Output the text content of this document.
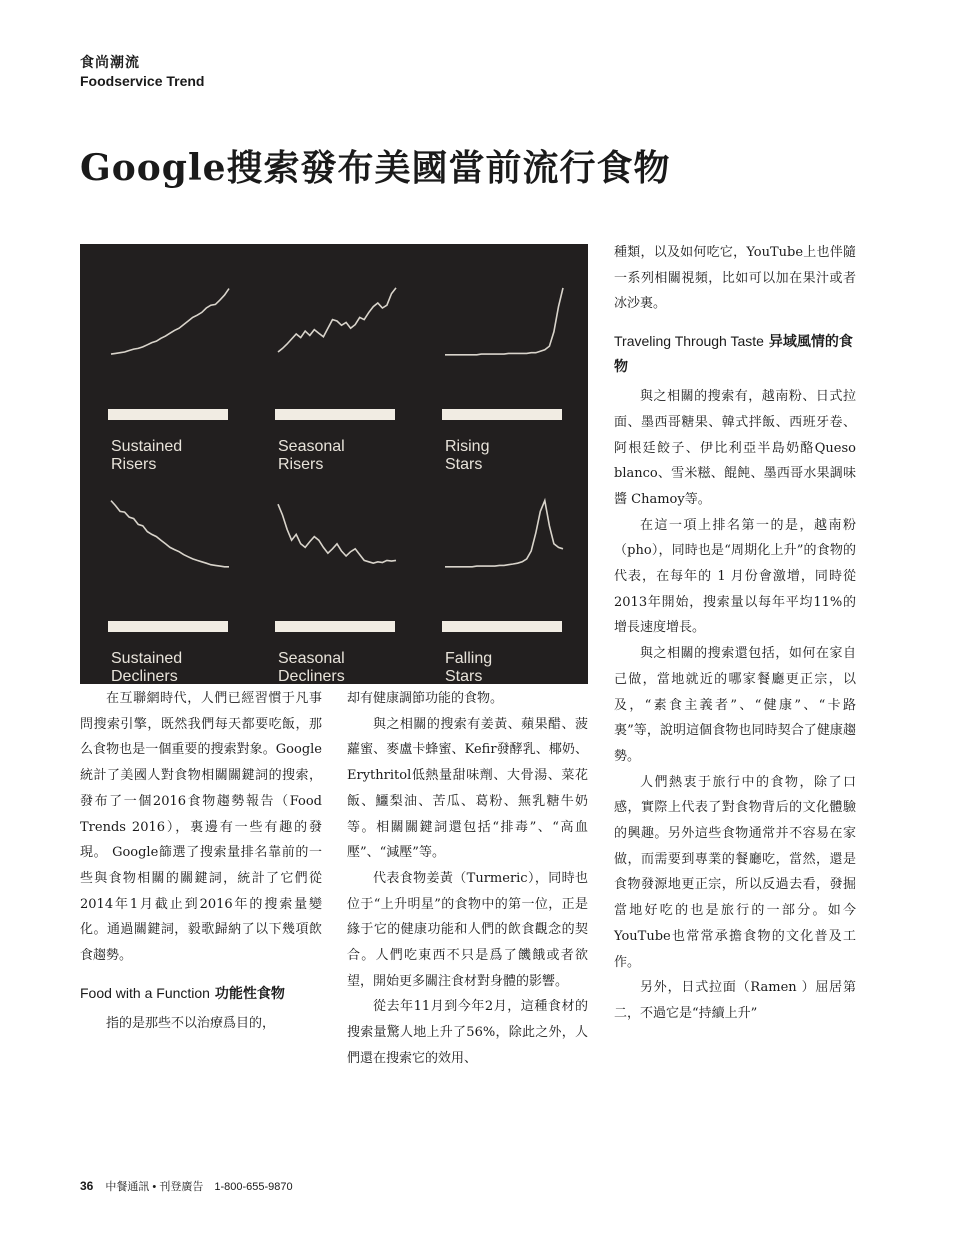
食尚潮流
Foodservice Trend
Google搜索發布美國當前流行食物
Sustained
Risers
Seasonal
Risers
Rising
Stars
Sustained
Decliners
Seasonal
Decliners
Falling
Stars

在互聯網時代，人們已經習慣于凡事問搜索引擎，既然我們每天都要吃飯，那么食物也是一個重要的搜索對象。Google統計了美國人對食物相關關鍵詞的搜索，發布了一個2016食物趨勢報告（Food Trends 2016），裏邊有一些有趣的發現。 Google篩選了搜索量排名靠前的一些與食物相關的關鍵詞，統計了它們從2014年1月截止到2016年的搜索量變化。通過關鍵詞，毅歌歸納了以下幾項飲食趨勢。

Food with a Function 功能性食物

指的是那些不以治療爲目的，

却有健康調節功能的食物。

與之相關的搜索有姜黃、蘋果醋、菠蘿蜜、麥盧卡蜂蜜、Kefir發酵乳、椰奶、Erythritol低熱量甜味劑、大骨湯、菜花飯、鱷梨油、苦瓜、葛粉、無乳糖牛奶等。相關關鍵詞還包括“排毒”、“高血壓”、“減壓”等。

代表食物姜黃（Turmeric），同時也位于“上升明星”的食物中的第一位，正是緣于它的健康功能和人們的飲食觀念的契合。人們吃東西不只是爲了饑餓或者欲望，開始更多關注食材對身體的影響。

從去年11月到今年2月，這種食材的搜索量驚人地上升了56%，除此之外，人們還在搜索它的效用、

種類，以及如何吃它，YouTube上也伴隨一系列相關視頻，比如可以加在果汁或者冰沙裏。

Traveling Through Taste 异域風情的食物

與之相關的搜索有，越南粉、日式拉面、墨西哥糖果、韓式拌飯、西班牙卷、阿根廷餃子、伊比利亞半島奶酪Queso blanco、雪米糍、餛飩、墨西哥水果調味醬 Chamoy等。

在這一項上排名第一的是，越南粉（pho），同時也是“周期化上升”的食物的代表，在每年的 1 月份會激增，同時從2013年開始，搜索量以每年平均11%的增長速度增長。

與之相關的搜索還包括，如何在家自己做，當地就近的哪家餐廳更正宗，以及，“素食主義者”、“健康”、“卡路裏”等，說明這個食物也同時契合了健康趨勢。

人們熱衷于旅行中的食物，除了口感，實際上代表了對食物背后的文化體驗的興趣。另外這些食物通常并不容易在家做，而需要到專業的餐廳吃，當然，還是食物發源地更正宗，所以反過去看，發掘當地好吃的也是旅行的一部分。如今YouTube也常常承擔食物的文化普及工作。

另外，日式拉面（Ramen ）屈居第二，不過它是“持續上升”

36 中餐通訊 • 刊登廣告　1-800-655-9870
